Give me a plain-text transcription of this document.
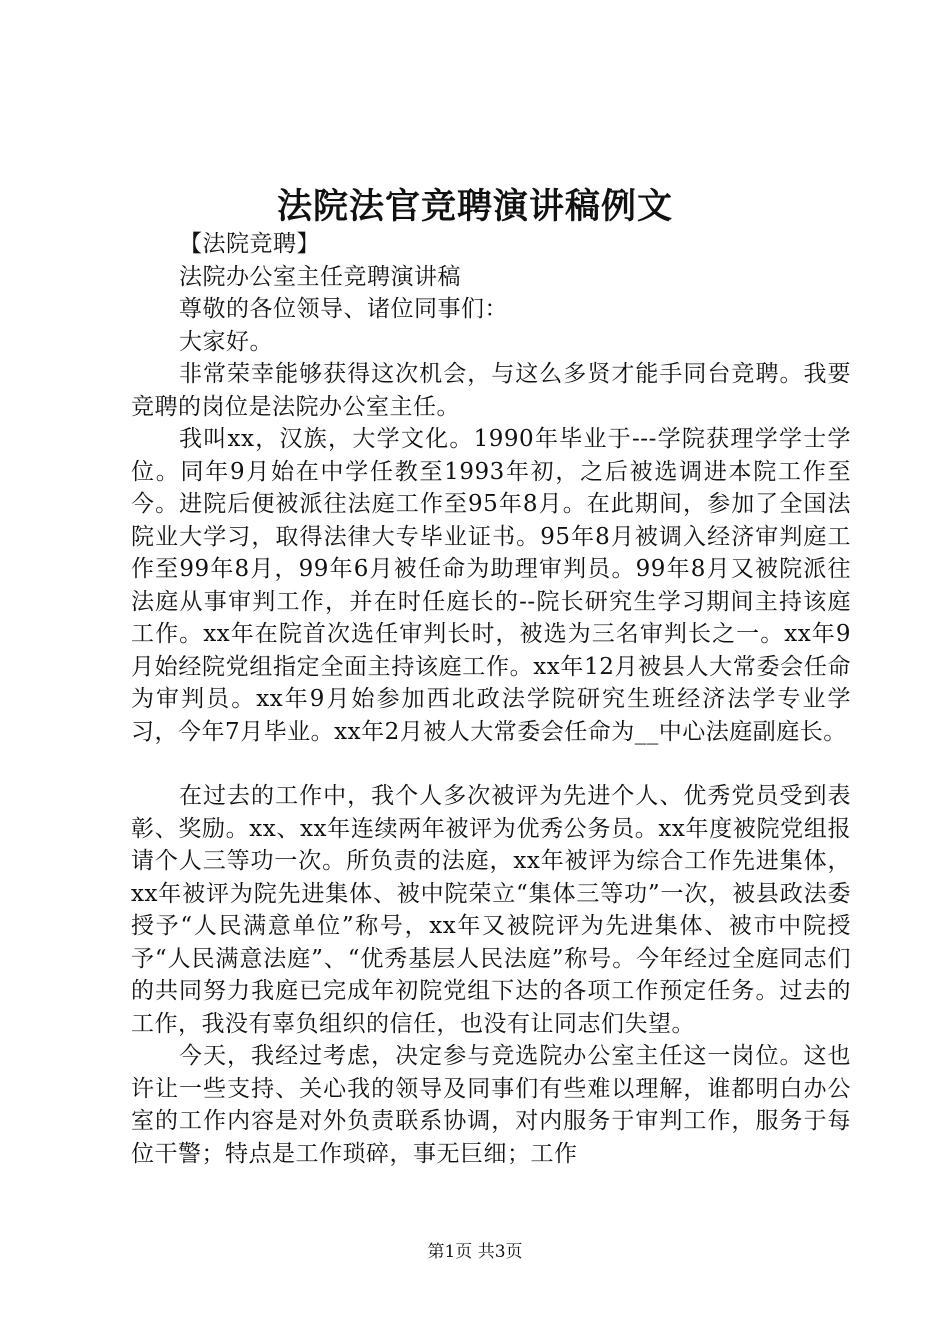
法院法官竞聘演讲稿例文

【法院竞聘】

法院办公室主任竞聘演讲稿

尊敬的各位领导、诸位同事们：

大家好。

非常荣幸能够获得这次机会，与这么多贤才能手同台竞聘。我要竞聘的岗位是法院办公室主任。

我叫xx，汉族，大学文化。1990年毕业于---学院获理学学士学位。同年9月始在中学任教至1993年初，之后被选调进本院工作至今。进院后便被派往法庭工作至95年8月。在此期间，参加了全国法院业大学习，取得法律大专毕业证书。95年8月被调入经济审判庭工作至99年8月，99年6月被任命为助理审判员。99年8月又被院派往法庭从事审判工作，并在时任庭长的--院长研究生学习期间主持该庭工作。xx年在院首次选任审判长时，被选为三名审判长之一。xx年9月始经院党组指定全面主持该庭工作。xx年12月被县人大常委会任命为审判员。xx年9月始参加西北政法学院研究生班经济法学专业学习，今年7月毕业。xx年2月被人大常委会任命为__中心法庭副庭长。

在过去的工作中，我个人多次被评为先进个人、优秀党员受到表彰、奖励。xx、xx年连续两年被评为优秀公务员。xx年度被院党组报请个人三等功一次。所负责的法庭，xx年被评为综合工作先进集体，xx年被评为院先进集体、被中院荣立“集体三等功”一次，被县政法委授予“人民满意单位”称号，xx年又被院评为先进集体、被市中院授予“人民满意法庭”、“优秀基层人民法庭”称号。今年经过全庭同志们的共同努力我庭已完成年初院党组下达的各项工作预定任务。过去的工作，我没有辜负组织的信任，也没有让同志们失望。

今天，我经过考虑，决定参与竞选院办公室主任这一岗位。这也许让一些支持、关心我的领导及同事们有些难以理解，谁都明白办公室的工作内容是对外负责联系协调，对内服务于审判工作，服务于每位干警；特点是工作琐碎，事无巨细；工作

第1页 共3页
